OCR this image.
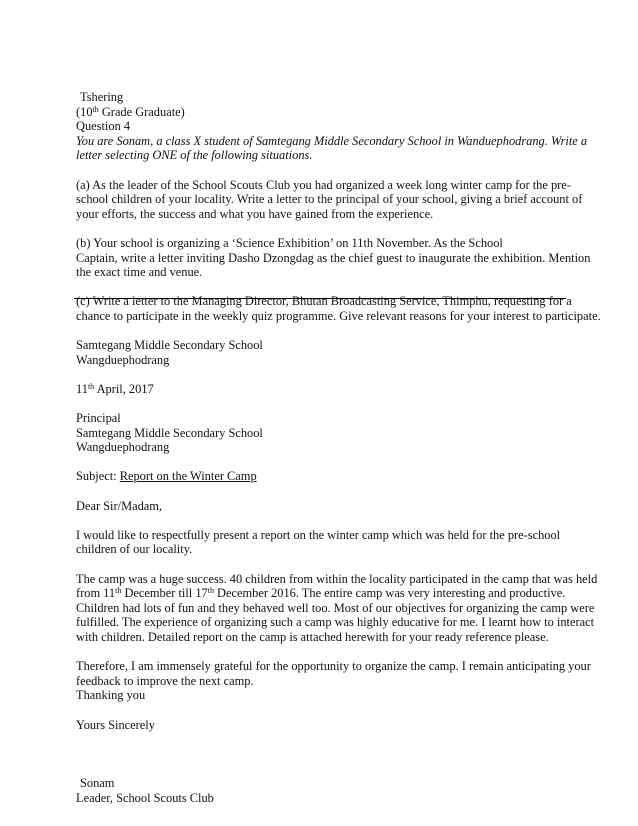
Tshering
(10th Grade Graduate)
Question 4
You are Sonam, a class X student of Samtegang Middle Secondary School in Wanduephodrang. Write a
letter selecting ONE of the following situations.
(a) As the leader of the School Scouts Club you had organized a week long winter camp for the pre-
school children of your locality. Write a letter to the principal of your school, giving a brief account of
your efforts, the success and what you have gained from the experience.
(b) Your school is organizing a ‘Science Exhibition’ on 11th November. As the School
Captain, write a letter inviting Dasho Dzongdag as the chief guest to inaugurate the exhibition. Mention
the exact time and venue.
(c) Write a letter to the Managing Director, Bhutan Broadcasting Service, Thimphu, requesting for a
chance to participate in the weekly quiz programme. Give relevant reasons for your interest to participate.
Samtegang Middle Secondary School
Wangduephodrang
11th April, 2017
Principal
Samtegang Middle Secondary School
Wangduephodrang
Subject: Report on the Winter Camp
Dear Sir/Madam,
I would like to respectfully present a report on the winter camp which was held for the pre-school
children of our locality.
The camp was a huge success. 40 children from within the locality participated in the camp that was held
from 11th December till 17th December 2016. The entire camp was very interesting and productive.
Children had lots of fun and they behaved well too. Most of our objectives for organizing the camp were
fulfilled. The experience of organizing such a camp was highly educative for me. I learnt how to interact
with children. Detailed report on the camp is attached herewith for your ready reference please.
Therefore, I am immensely grateful for the opportunity to organize the camp. I remain anticipating your
feedback to improve the next camp.
Thanking you
Yours Sincerely
Sonam
Leader, School Scouts Club
